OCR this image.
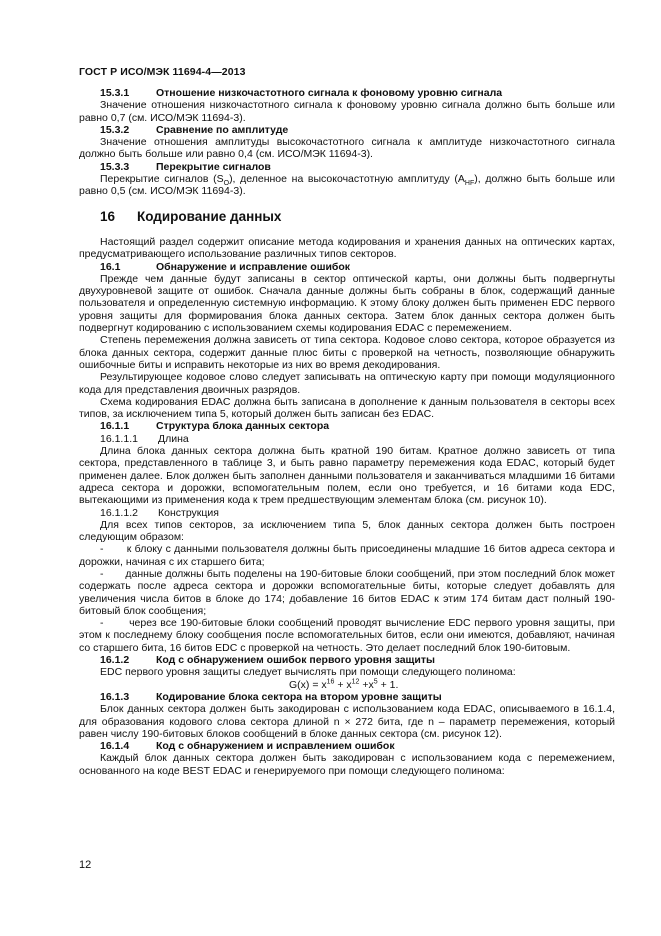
ГОСТ Р ИСО/МЭК 11694-4—2013

15.3.1	Отношение низкочастотного сигнала к фоновому уровню сигнала

Значение отношения низкочастотного сигнала к фоновому уровню сигнала должно быть больше или равно 0,7 (см. ИСО/МЭК 11694-3).

15.3.2	Сравнение по амплитуде

Значение отношения амплитуды высокочастотного сигнала к амплитуде низкочастотного сигнала должно быть больше или равно 0,4 (см. ИСО/МЭК 11694-3).

15.3.3	Перекрытие сигналов

Перекрытие сигналов $(S_O)$, деленное на высокочастотную амплитуду $(A_{HF})$, должно быть больше или равно 0,5 (см. ИСО/МЭК 11694-3).

16 Кодирование данных

Настоящий раздел содержит описание метода кодирования и хранения данных на оптических картах, предусматривающего использование различных типов секторов.

16.1	Обнаружение и исправление ошибок

Прежде чем данные будут записаны в сектор оптической карты, они должны быть подвергнуты двухуровневой защите от ошибок. Сначала данные должны быть собраны в блок, содержащий данные пользователя и определенную системную информацию. К этому блоку должен быть применен EDC первого уровня защиты для формирования блока данных сектора. Затем блок данных сектора должен быть подвергнут кодированию с использованием схемы кодирования EDAC с перемежением.

Степень перемежения должна зависеть от типа сектора. Кодовое слово сектора, которое образуется из блока данных сектора, содержит данные плюс биты с проверкой на четность, позволяющие обнаружить ошибочные биты и исправить некоторые из них во время декодирования.

Результирующее кодовое слово следует записывать на оптическую карту при помощи модуляционного кода для представления двоичных разрядов.

Схема кодирования EDAC должна быть записана в дополнение к данным пользователя в секторы всех типов, за исключением типа 5, который должен быть записан без EDAC.

16.1.1	Структура блока данных сектора

16.1.1.1 Длина

Длина блока данных сектора должна быть кратной 190 битам. Кратное должно зависеть от типа сектора, представленного в таблице 3, и быть равно параметру перемежения кода EDAC, который будет применен далее. Блок должен быть заполнен данными пользователя и заканчиваться младшими 16 битами адреса сектора и дорожки, вспомогательным полем, если оно требуется, и 16 битами кода EDC, вытекающими из применения кода к трем предшествующим элементам блока (см. рисунок 10).

16.1.1.2 Конструкция

Для всех типов секторов, за исключением типа 5, блок данных сектора должен быть построен следующим образом:

- к блоку с данными пользователя должны быть присоединены младшие 16 битов адреса сектора и дорожки, начиная с их старшего бита;

- данные должны быть поделены на 190-битовые блоки сообщений, при этом последний блок может содержать после адреса сектора и дорожки вспомогательные биты, которые следует добавлять для увеличения числа битов в блоке до 174; добавление 16 битов EDAC к этим 174 битам даст полный 190-битовый блок сообщения;

- через все 190-битовые блоки сообщений проводят вычисление EDC первого уровня защиты, при этом к последнему блоку сообщения после вспомогательных битов, если они имеются, добавляют, начиная со старшего бита, 16 битов EDC с проверкой на четность. Это делает последний блок 190-битовым.

16.1.2	Код с обнаружением ошибок первого уровня защиты

EDC первого уровня защиты следует вычислять при помощи следующего полинома:

$G(x) = x^{16} + x^{12} +x^5 + 1$.

16.1.3	Кодирование блока сектора на втором уровне защиты

Блок данных сектора должен быть закодирован с использованием кода EDAC, описываемого в 16.1.4, для образования кодового слова сектора длиной n × 272 бита, где n – параметр перемежения, который равен числу 190-битовых блоков сообщений в блоке данных сектора (см. рисунок 12).

16.1.4	Код с обнаружением и исправлением ошибок

Каждый блок данных сектора должен быть закодирован с использованием кода с перемежением, основанного на коде BEST EDAC и генерируемого при помощи следующего полинома:

12
